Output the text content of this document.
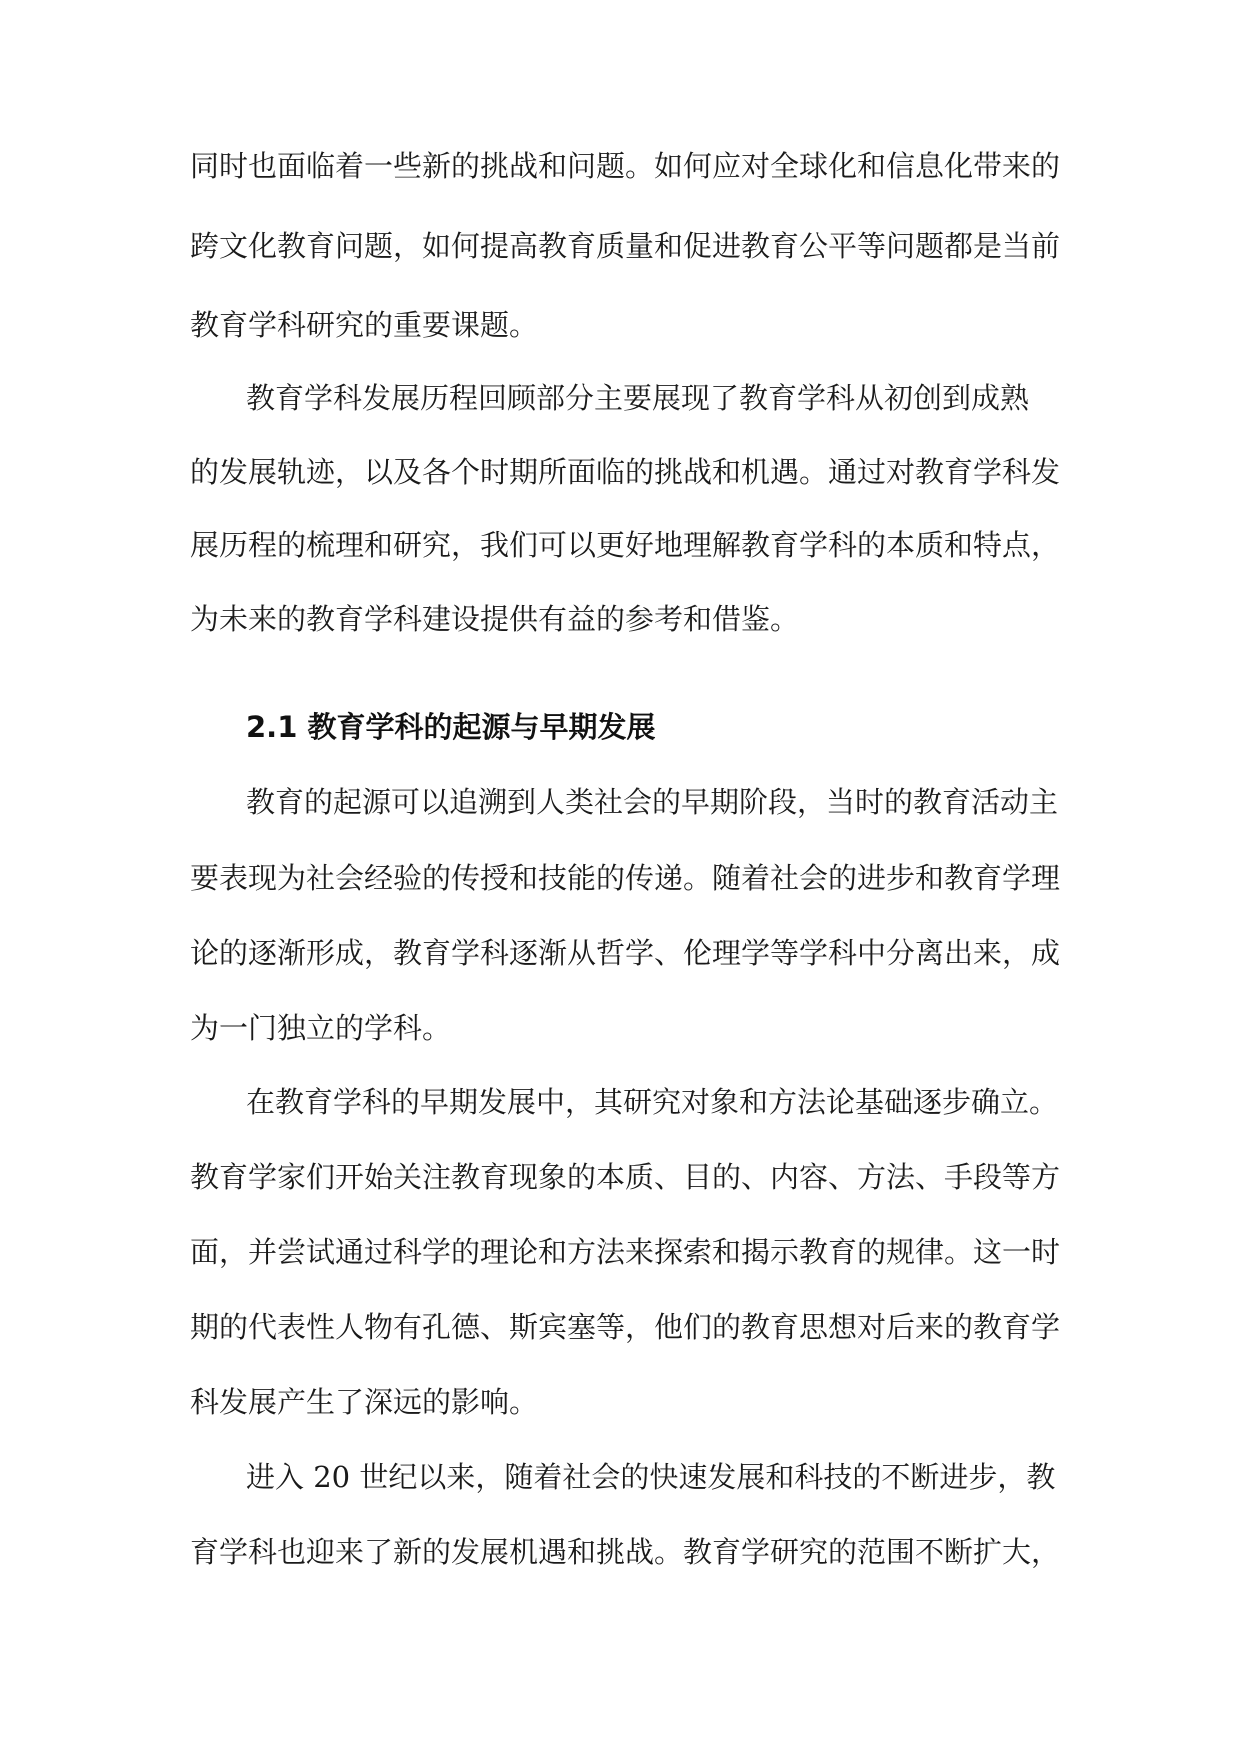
同时也面临着一些新的挑战和问题。如何应对全球化和信息化带来的
跨文化教育问题，如何提高教育质量和促进教育公平等问题都是当前
教育学科研究的重要课题。
教育学科发展历程回顾部分主要展现了教育学科从初创到成熟
的发展轨迹，以及各个时期所面临的挑战和机遇。通过对教育学科发
展历程的梳理和研究，我们可以更好地理解教育学科的本质和特点，
为未来的教育学科建设提供有益的参考和借鉴。
2.1 教育学科的起源与早期发展
教育的起源可以追溯到人类社会的早期阶段，当时的教育活动主
要表现为社会经验的传授和技能的传递。随着社会的进步和教育学理
论的逐渐形成，教育学科逐渐从哲学、伦理学等学科中分离出来，成
为一门独立的学科。
在教育学科的早期发展中，其研究对象和方法论基础逐步确立。
教育学家们开始关注教育现象的本质、目的、内容、方法、手段等方
面，并尝试通过科学的理论和方法来探索和揭示教育的规律。这一时
期的代表性人物有孔德、斯宾塞等，他们的教育思想对后来的教育学
科发展产生了深远的影响。
进入 20 世纪以来，随着社会的快速发展和科技的不断进步，教
育学科也迎来了新的发展机遇和挑战。教育学研究的范围不断扩大，
